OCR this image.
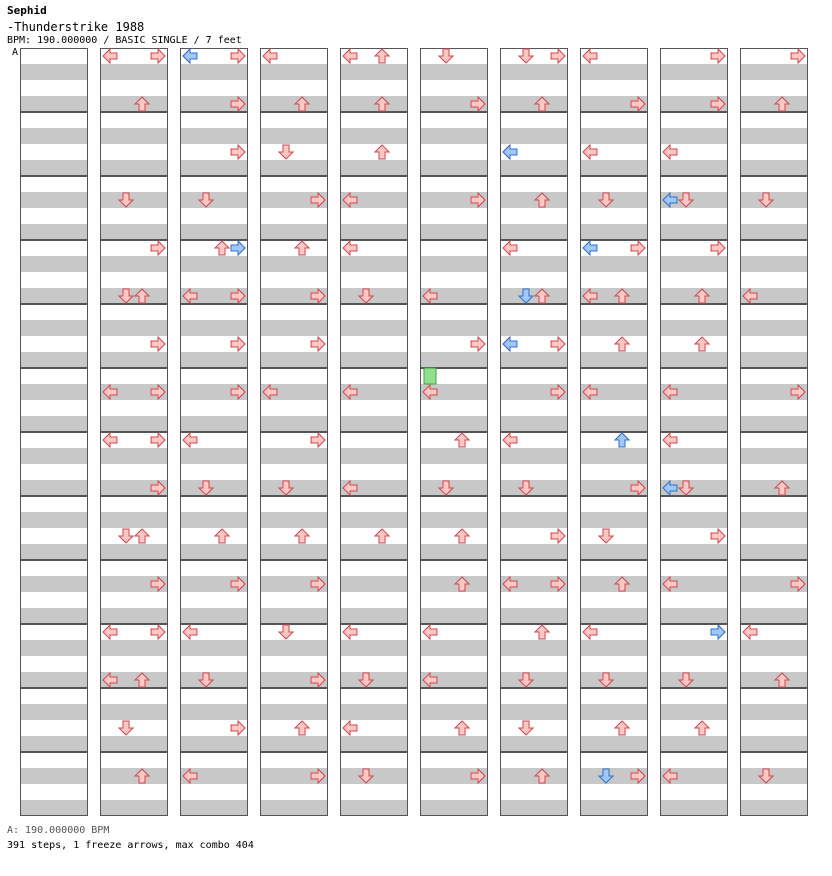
Sephid
-Thunderstrike 1988
BPM: 190.000000 / BASIC SINGLE / 7 feet
A
A: 190.000000 BPM
391 steps, 1 freeze arrows, max combo 404
